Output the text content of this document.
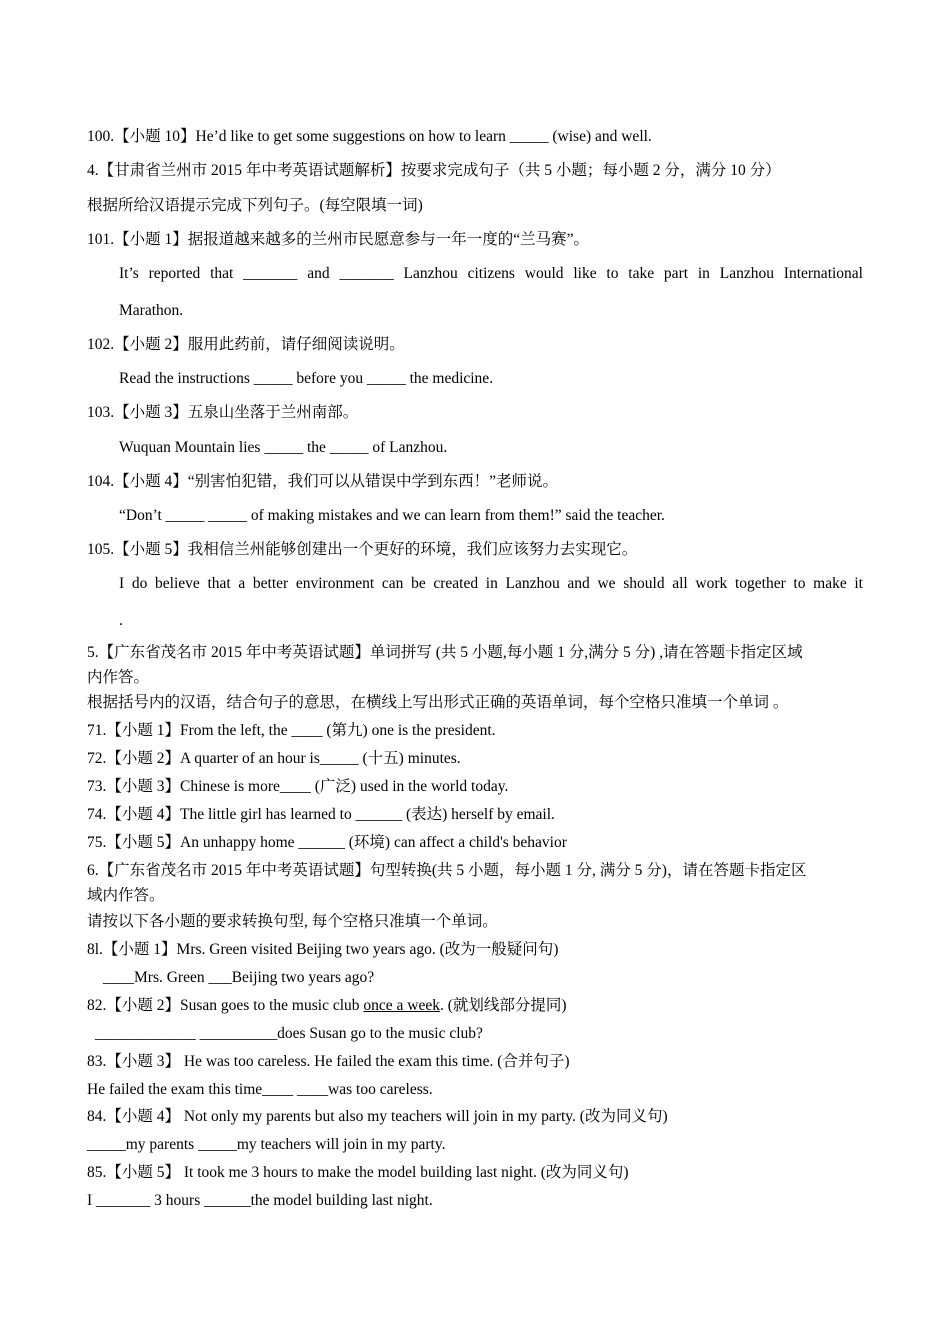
100.【小题 10】He’d like to get some suggestions on how to learn _____ (wise) and well.
4.【甘肃省兰州市 2015 年中考英语试题解析】按要求完成句子（共 5 小题；每小题 2 分，满分 10 分）
根据所给汉语提示完成下列句子。(每空限填一词)
101.【小题 1】据报道越来越多的兰州市民愿意参与一年一度的“兰马赛”。
It’s reported that _______ and _______ Lanzhou citizens would like to take part in Lanzhou International
Marathon.
102.【小题 2】服用此药前，请仔细阅读说明。
Read the instructions _____ before you _____ the medicine.
103.【小题 3】五泉山坐落于兰州南部。
Wuquan Mountain lies _____ the _____ of Lanzhou.
104.【小题 4】“别害怕犯错，我们可以从错误中学到东西！”老师说。
“Don’t _____ _____ of making mistakes and we can learn from them!” said the teacher.
105.【小题 5】我相信兰州能够创建出一个更好的环境，我们应该努力去实现它。
I do believe that a better environment can be created in Lanzhou and we should all work together to make it
.
5.【广东省茂名市 2015 年中考英语试题】单词拼写 (共 5 小题,每小题 1 分,满分 5 分) ,请在答题卡指定区域
内作答。
根据括号内的汉语，结合句子的意思，在横线上写出形式正确的英语单词，每个空格只准填一个单词 。
71.【小题 1】From the left, the ____ (第九) one is the president.
72.【小题 2】A quarter of an hour is_____ (十五) minutes.
73.【小题 3】Chinese is more____ (广泛) used in the world today.
74.【小题 4】The little girl has learned to ______ (表达) herself by email.
75.【小题 5】An unhappy home ______ (环境) can affect a child's behavior
6.【广东省茂名市 2015 年中考英语试题】句型转换(共 5 小题，每小题 1 分, 满分 5 分)，请在答题卡指定区
域内作答。
请按以下各小题的要求转换句型, 每个空格只准填一个单词。
8l.【小题 1】Mrs. Green visited Beijing two years ago. (改为一般疑问句)
____Mrs. Green ___Beijing two years ago?
82.【小题 2】Susan goes to the music club once a week. (就划线部分提同)
_____________ __________does Susan go to the music club?
83.【小题 3】 He was too careless. He failed the exam this time. (合并句子)
He failed the exam this time____ ____was too careless.
84.【小题 4】 Not only my parents but also my teachers will join in my party. (改为同义句)
_____my parents _____my teachers will join in my party.
85.【小题 5】 It took me 3 hours to make the model building last night. (改为同义句)
I _______ 3 hours ______the model building last night.
